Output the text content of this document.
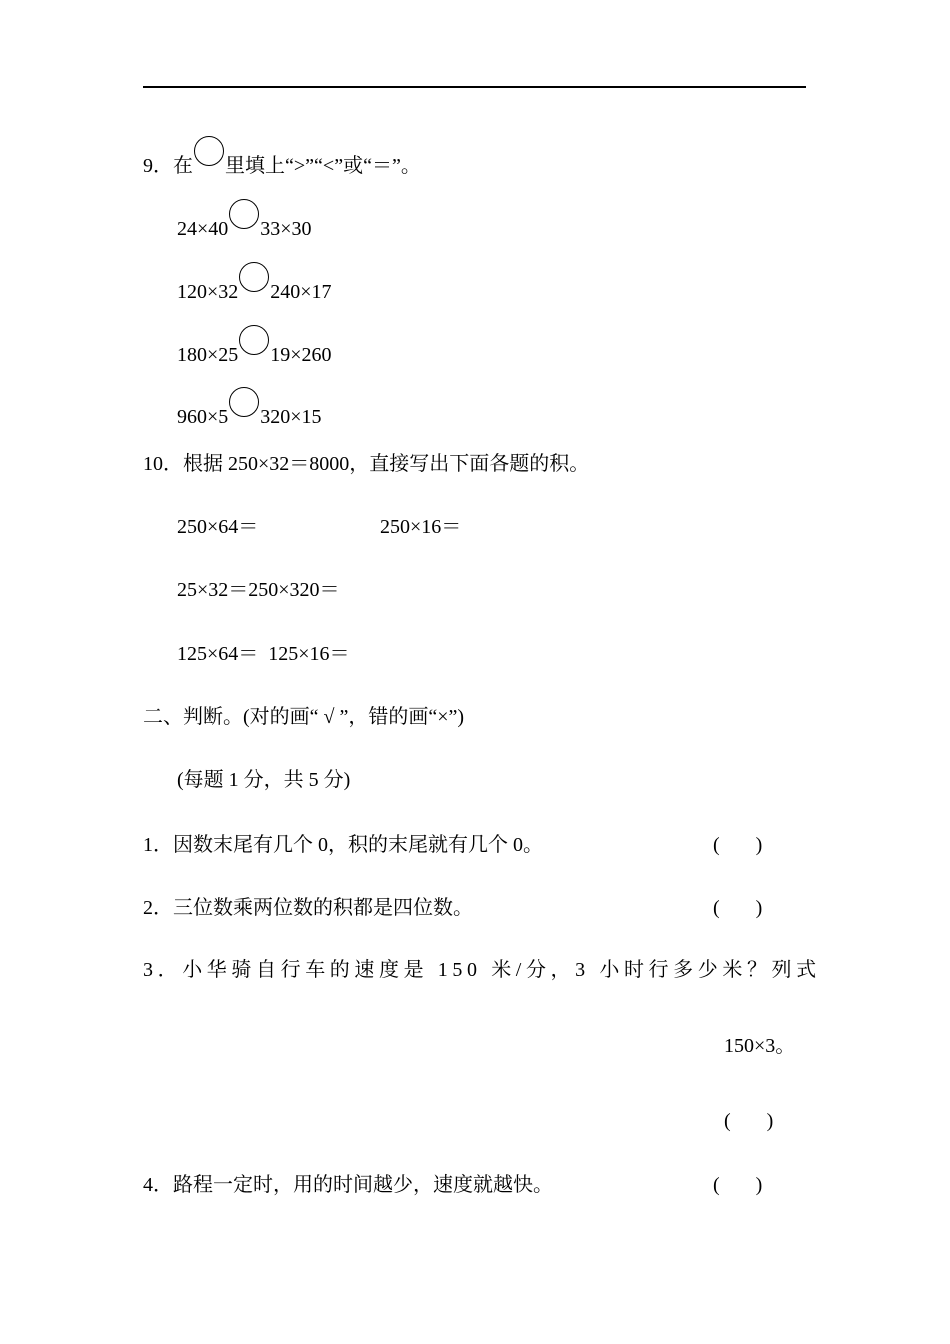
9．在 里填上“>”“<”或“＝”。
24×40 33×30
120×32 240×17
180×25 19×260
960×5 320×15
10．根据 250×32＝8000，直接写出下面各题的积。
250×64＝	250×16＝
25×32＝250×320＝
125×64＝  125×16＝
二、判断。(对的画“ √ ”，错的画“×”)
(每题 1 分，共 5 分)
1．因数末尾有几个 0，积的末尾就有几个 0。	( )
2．三位数乘两位数的积都是四位数。	( )
3．小华骑自行车的速度是 150 米/分，3 小时行多少米？列式
150×3。
( )
4．路程一定时，用的时间越少，速度就越快。	( )
